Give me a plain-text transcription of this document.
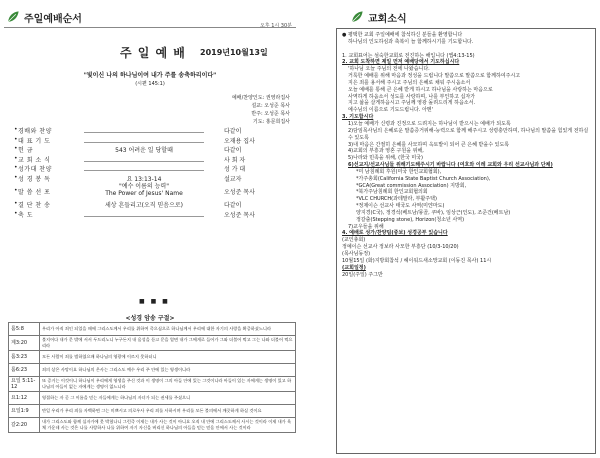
주일예배순서
오후 1시 30분
주 일 예 배 2019년10월13일
"빛이신 나의 하나님이여 내가 주를 송축하리이다"
(시편 145:1)
예배/찬양인도: 권영라집사
설교: 오성준 목사
반주: 오성준 목사
기도: 홍문희집사
• 경배와 찬양	다같이
• 대 표 기 도	오재용 집사
• 헌 금	543 어려운 일 당할때	다같이
• 교 회 소 식	사 회 자
• 성가대 찬양	성 가 대
• 성 경 봉 독	요 13:13-14	설교자
• 말 씀 선 포
"예수 이름의 능력"
The Power of Jesus' Name	오성준 목사
• 결 단 찬 송	세상 흔들리고(오직 믿음으로)	다같이
• 축 도	오성준 목사
■ ■ ■
<성경 암송 구절>
롬5:8	우리가 아직 죄인 되었을 때에 그리스도께서 우리를 위하여 죽으심으로 하나님께서 우리에 대한 자기의 사랑을 확증하셨느니라
계3:20	볼지어다 내가 문 밖에 서서 두드리노니 누구든지 내 음성을 듣고 문을 열면 내가 그에게로 들어가 그와 더불어 먹고 그는 나와 더불어 먹으리라
롬3:23	모든 사람이 죄를 범하였으매 하나님의 영광에 이르지 못하더니
롬6:23	죄의 삯은 사망이요 하나님의 은사는 그리스도 예수 우리 주 안에 있는 영생이니라
요일 5:11-12	또 증거는 이것이니 하나님이 우리에게 영생을 주신 것과 이 생명이 그의 아들 안에 있는 그것이니라 아들이 있는 자에게는 생명이 있고 하나님의 아들이 없는 자에게는 생명이 없느니라
요1:12	영접하는 자 곧 그 이름을 믿는 자들에게는 하나님의 자녀가 되는 권세를 주셨으니
요일1:9	만일 우리가 우리 죄를 자백하면 그는 미쁘시고 의로우사 우리 죄를 사하시며 우리를 모든 불의에서 깨끗하게 하실 것이요
갈2:20	내가 그리스도와 함께 십자가에 못 박혔나니 그런즉 이제는 내가 사는 것이 아니요 오직 내 안에 그리스도께서 사시는 것이라 이제 내가 육체 가운데 사는 것은 나를 사랑하사 나를 위하여 자기 자신을 버리신 하나님의 아들을 믿는 믿음 안에서 사는 것이라
교회소식

● 평택한 교회 주일예배에 참석하신 분들을 환영합니다

하나님의 인도하심과 축복이 늘 함께하시기를 기도합니다.

1. 교회표어는 섬숙한교회로 전진하는 해입니다 (엡4:13-15)

2. 교회 도착하면 제일 먼저 예배당에서 기도하십시다

'하나님 오늘 주님의 전에 나왔습니다.

거룩한 예배를 위해 마음과 정성을 드립니다 말씀으로 말씀으로 함께하여주시고

지은 죄를 용서해 주시고 주님의 은혜로 채워 주시옵소서

오늘 예배를 통해 큰 은혜 받게 하시고 하나님을 사랑하는 마음으로

사역하게 하옵소서 성도를 사랑하며, 나를 부인하고 십자가

지고 삶을 살게하옵시고 주님께 영광 돌려드리게 하옵소서.

예수님의 이름으로 기도드립니다. 아멘'

3. 기도합시다

1)오늘 예배가 신령과 진정으로 드려지는 하나님이 받으시는 예배가 되도록

2)담임목사님의 은혜로운 말씀증거위해-능력으로 함께 해주시고 성령충만하며, 하나님의 말씀을 힘있게 전하실수 있도록

3)내 마음은 간절히 은혜를 사모하며 옥토밭이 되어 큰 은혜 받을수 있도록

4)교회의 부흥과 영혼 구원을 위해,

5)나라와 민족을 위해, (한국 미국)

6)선교지/선교사님들 위해기도해주시기 바랍니다 (여호와 이레 교회와 우리 선교사님과 단체)

*미 남침례회 후원(미국 한인교회협회),

*가주총회(California State Baptist Church Association),

*GCA(Great commission Association) 지방회,

*북가주남침례회 한인교회협의회

*VLC CHURCH(과테말라, 부활주택)

*정제이슨 선교사 태국도 사역(미얀마도)

양지경(C국), 정경석(베트남/몽골, 쿠바), 임상근(인도), 조준건(베트남)

정갈출(Stepping stone), Horizon(청소년 사역)

7)교우들을 위해

4. 예배로 성가/찬양팀(중보) 성경공부 있습니다

(교인총회)

정예이슨 선교사 정보라 사모한 부흥단 (10/3-10/20)

(목사님동정)

10월15일 (화)지방회참석 / 헤이워드새소망교회 (이동진 목사) 11시

(교회일정)

20일(주일) 주그반
